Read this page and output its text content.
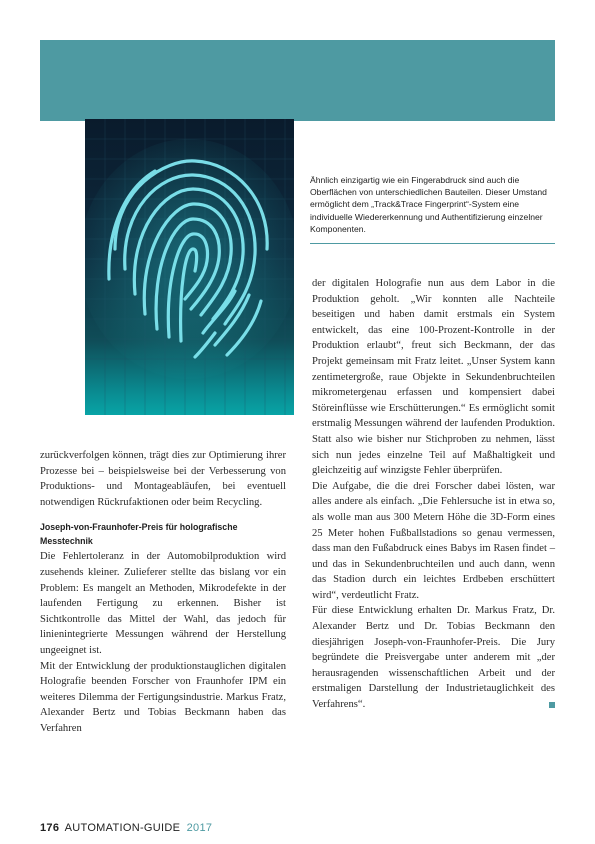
Ähnlich einzigartig wie ein Fingerabdruck sind auch die Oberflächen von unterschiedlichen Bauteilen. Dieser Umstand ermöglicht dem „Track&Trace Fingerprint“-System eine individuelle Wiedererkennung und Authentifizierung einzelner Komponenten.

zurückverfolgen können, trägt dies zur Optimierung ihrer Prozesse bei – beispielsweise bei der Verbesserung von Produktions- und Montageabläufen, bei eventuell notwendigen Rückrufaktionen oder beim Recycling.

Joseph-von-Fraunhofer-Preis für holografische Messtechnik

Die Fehlertoleranz in der Automobilproduktion wird zusehends kleiner. Zulieferer stellte das bislang vor ein Problem: Es mangelt an Methoden, Mikrodefekte in der laufenden Fertigung zu erkennen. Bisher ist Sichtkontrolle das Mittel der Wahl, das jedoch für linienintegrierte Messungen während der Herstellung ungeeignet ist.

Mit der Entwicklung der produktionstauglichen digitalen Holografie beenden Forscher von Fraunhofer IPM ein weiteres Dilemma der Fertigungsindustrie. Markus Fratz, Alexander Bertz und Tobias Beckmann haben das Verfahren

der digitalen Holografie nun aus dem Labor in die Produktion geholt. „Wir konnten alle Nachteile beseitigen und haben damit erstmals ein System entwickelt, das eine 100-Prozent-Kontrolle in der Produktion erlaubt“, freut sich Beckmann, der das Projekt gemeinsam mit Fratz leitet. „Unser System kann zentimetergroße, raue Objekte in Sekundenbruchteilen mikrometergenau erfassen und kompensiert dabei Störeinflüsse wie Erschütterungen.“ Es ermöglicht somit erstmalig Messungen während der laufenden Produktion. Statt also wie bisher nur Stichproben zu nehmen, lässt sich nun jedes einzelne Teil auf Maßhaltigkeit und gleichzeitig auf winzigste Fehler überprüfen.

Die Aufgabe, die die drei Forscher dabei lösten, war alles andere als einfach. „Die Fehlersuche ist in etwa so, als wolle man aus 300 Metern Höhe die 3D-Form eines 25 Meter hohen Fußballstadions so genau vermessen, dass man den Fußabdruck eines Babys im Rasen findet – und das in Sekundenbruchteilen und auch dann, wenn das Stadion durch ein leichtes Erdbeben erschüttert wird“, verdeutlicht Fratz.

Für diese Entwicklung erhalten Dr. Markus Fratz, Dr. Alexander Bertz und Dr. Tobias Beckmann den diesjährigen Joseph-von-Fraunhofer-Preis. Die Jury begründete die Preisvergabe unter anderem mit „der herausragenden wissenschaftlichen Arbeit und der erstmaligen Darstellung der Industrietauglichkeit des Verfahrens“.

176 AUTOMATION-GUIDE 2017
